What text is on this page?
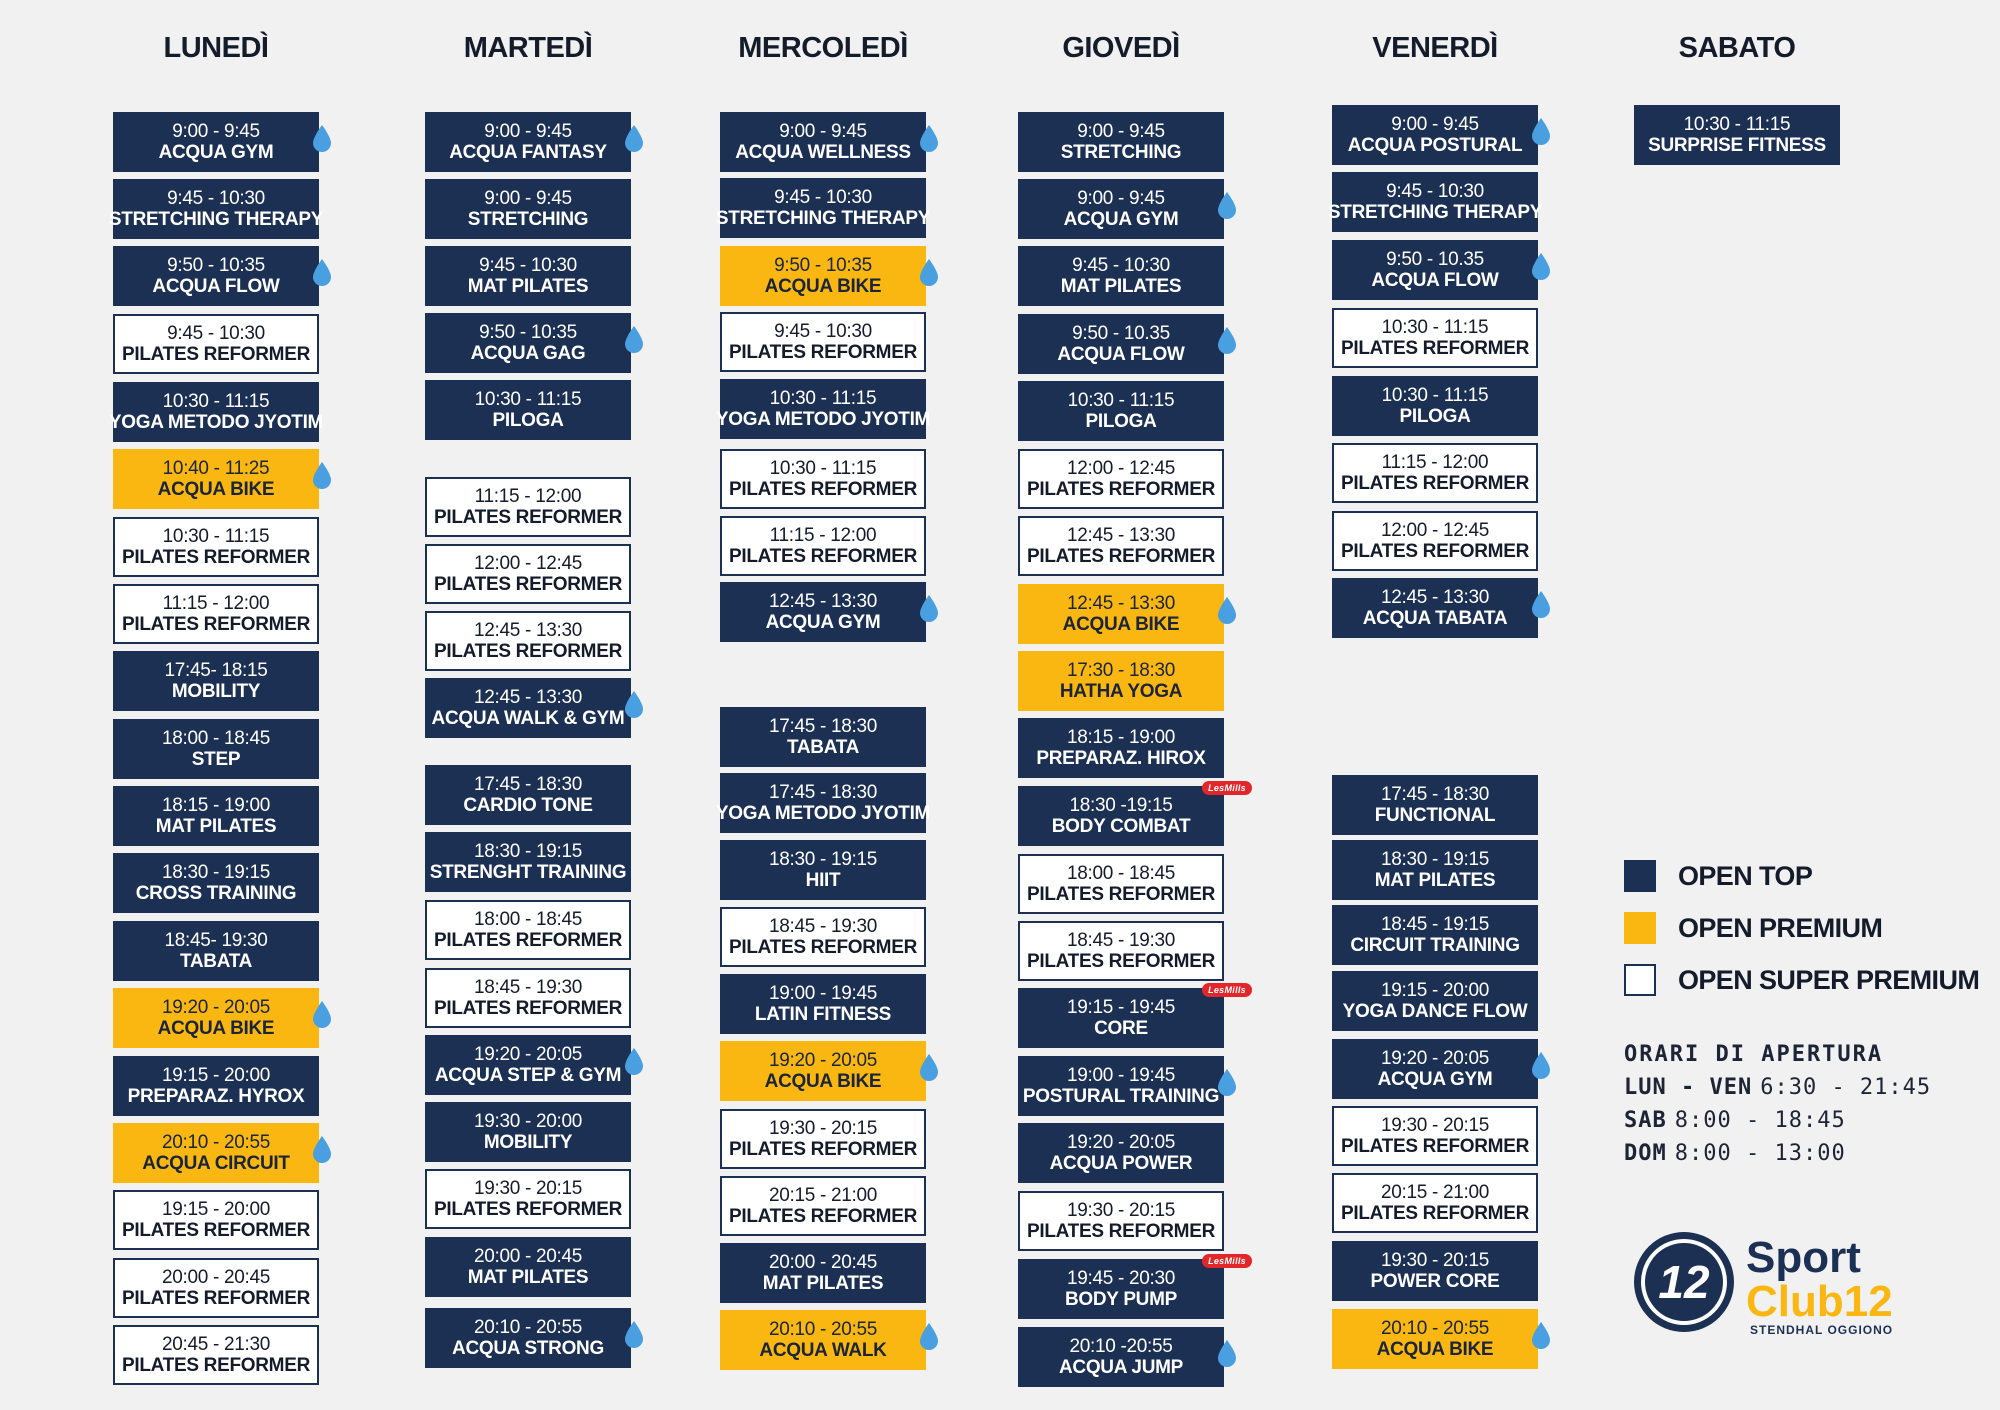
LUNEDÌ
9:00 - 9:45
ACQUA GYM
9:45 - 10:30
STRETCHING THERAPY
9:50 - 10:35
ACQUA FLOW
9:45 - 10:30
PILATES REFORMER
10:30 - 11:15
YOGA METODO JYOTIM
10:40 - 11:25
ACQUA BIKE
10:30 - 11:15
PILATES REFORMER
11:15 - 12:00
PILATES REFORMER
17:45- 18:15
MOBILITY
18:00 - 18:45
STEP
18:15 - 19:00
MAT PILATES
18:30 - 19:15
CROSS TRAINING
18:45- 19:30
TABATA
19:20 - 20:05
ACQUA BIKE
19:15 - 20:00
PREPARAZ. HYROX
20:10 - 20:55
ACQUA CIRCUIT
19:15 - 20:00
PILATES REFORMER
20:00 - 20:45
PILATES REFORMER
20:45 - 21:30
PILATES REFORMER
MARTEDÌ
9:00 - 9:45
ACQUA FANTASY
9:00 - 9:45
STRETCHING
9:45 - 10:30
MAT PILATES
9:50 - 10:35
ACQUA GAG
10:30 - 11:15
PILOGA
11:15 - 12:00
PILATES REFORMER
12:00 - 12:45
PILATES REFORMER
12:45 - 13:30
PILATES REFORMER
12:45 - 13:30
ACQUA WALK & GYM
17:45 - 18:30
CARDIO TONE
18:30 - 19:15
STRENGHT TRAINING
18:00 - 18:45
PILATES REFORMER
18:45 - 19:30
PILATES REFORMER
19:20 - 20:05
ACQUA STEP & GYM
19:30 - 20:00
MOBILITY
19:30 - 20:15
PILATES REFORMER
20:00 - 20:45
MAT PILATES
20:10 - 20:55
ACQUA STRONG
MERCOLEDÌ
9:00 - 9:45
ACQUA WELLNESS
9:45 - 10:30
STRETCHING THERAPY
9:50 - 10:35
ACQUA BIKE
9:45 - 10:30
PILATES REFORMER
10:30 - 11:15
YOGA METODO JYOTIM
10:30 - 11:15
PILATES REFORMER
11:15 - 12:00
PILATES REFORMER
12:45 - 13:30
ACQUA GYM
17:45 - 18:30
TABATA
17:45 - 18:30
YOGA METODO JYOTIM
18:30 - 19:15
HIIT
18:45 - 19:30
PILATES REFORMER
19:00 - 19:45
LATIN FITNESS
19:20 - 20:05
ACQUA BIKE
19:30 - 20:15
PILATES REFORMER
20:15 - 21:00
PILATES REFORMER
20:00 - 20:45
MAT PILATES
20:10 - 20:55
ACQUA WALK
GIOVEDÌ
9:00 - 9:45
STRETCHING
9:00 - 9:45
ACQUA GYM
9:45 - 10:30
MAT PILATES
9:50 - 10.35
ACQUA FLOW
10:30 - 11:15
PILOGA
12:00 - 12:45
PILATES REFORMER
12:45 - 13:30
PILATES REFORMER
12:45 - 13:30
ACQUA BIKE
17:30 - 18:30
HATHA YOGA
18:15 - 19:00
PREPARAZ. HIROX
18:30 -19:15
BODY COMBAT
LesMills
18:00 - 18:45
PILATES REFORMER
18:45 - 19:30
PILATES REFORMER
19:15 - 19:45
CORE
LesMills
19:00 - 19:45
POSTURAL TRAINING
19:20 - 20:05
ACQUA POWER
19:30 - 20:15
PILATES REFORMER
19:45 - 20:30
BODY PUMP
LesMills
20:10 -20:55
ACQUA JUMP
VENERDÌ
9:00 - 9:45
ACQUA POSTURAL
9:45 - 10:30
STRETCHING THERAPY
9:50 - 10.35
ACQUA FLOW
10:30 - 11:15
PILATES REFORMER
10:30 - 11:15
PILOGA
11:15 - 12:00
PILATES REFORMER
12:00 - 12:45
PILATES REFORMER
12:45 - 13:30
ACQUA TABATA
17:45 - 18:30
FUNCTIONAL
18:30 - 19:15
MAT PILATES
18:45 - 19:15
CIRCUIT TRAINING
19:15 - 20:00
YOGA DANCE FLOW
19:20 - 20:05
ACQUA GYM
19:30 - 20:15
PILATES REFORMER
20:15 - 21:00
PILATES REFORMER
19:30 - 20:15
POWER CORE
20:10 - 20:55
ACQUA BIKE
SABATO
10:30 - 11:15
SURPRISE FITNESS
OPEN TOP
OPEN PREMIUM
OPEN SUPER PREMIUM
ORARI DI APERTURA
LUN - VEN 6:30 - 21:45
SAB 8:00 - 18:45
DOM 8:00 - 13:00
12 Sport
Club12
STENDHAL OGGIONO
